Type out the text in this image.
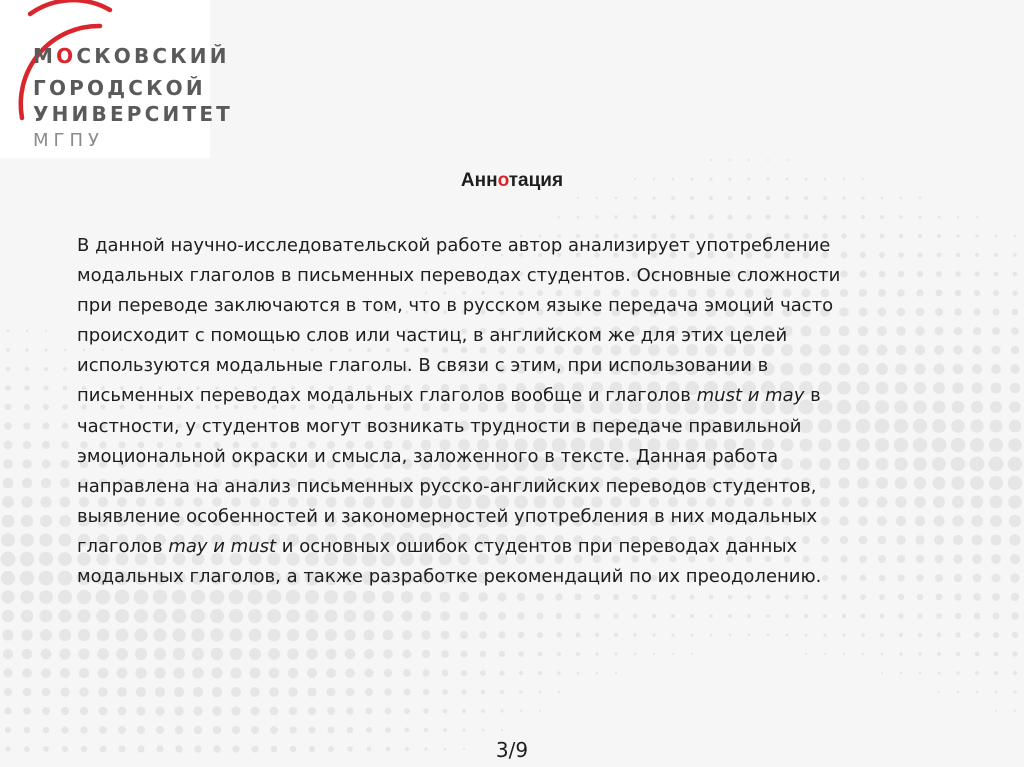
МОСКОВСКИЙ
ГОРОДСКОЙ
УНИВЕРСИТЕТ
МГПУ
Аннотация
В данной научно-исследовательской работе автор анализирует употребление
модальных глаголов в письменных переводах студентов. Основные сложности
при переводе заключаются в том, что в русском языке передача эмоций часто
происходит с помощью слов или частиц, в английском же для этих целей
используются модальные глаголы. В связи с этим, при использовании в
письменных переводах модальных глаголов вообще и глаголов must и may в
частности, у студентов могут возникать трудности в передаче правильной
эмоциональной окраски и смысла, заложенного в тексте. Данная работа
направлена на анализ письменных русско-английских переводов студентов,
выявление особенностей и закономерностей употребления в них модальных
глаголов may и must и основных ошибок студентов при переводах данных
модальных глаголов, а также разработке рекомендаций по их преодолению.
3/9
